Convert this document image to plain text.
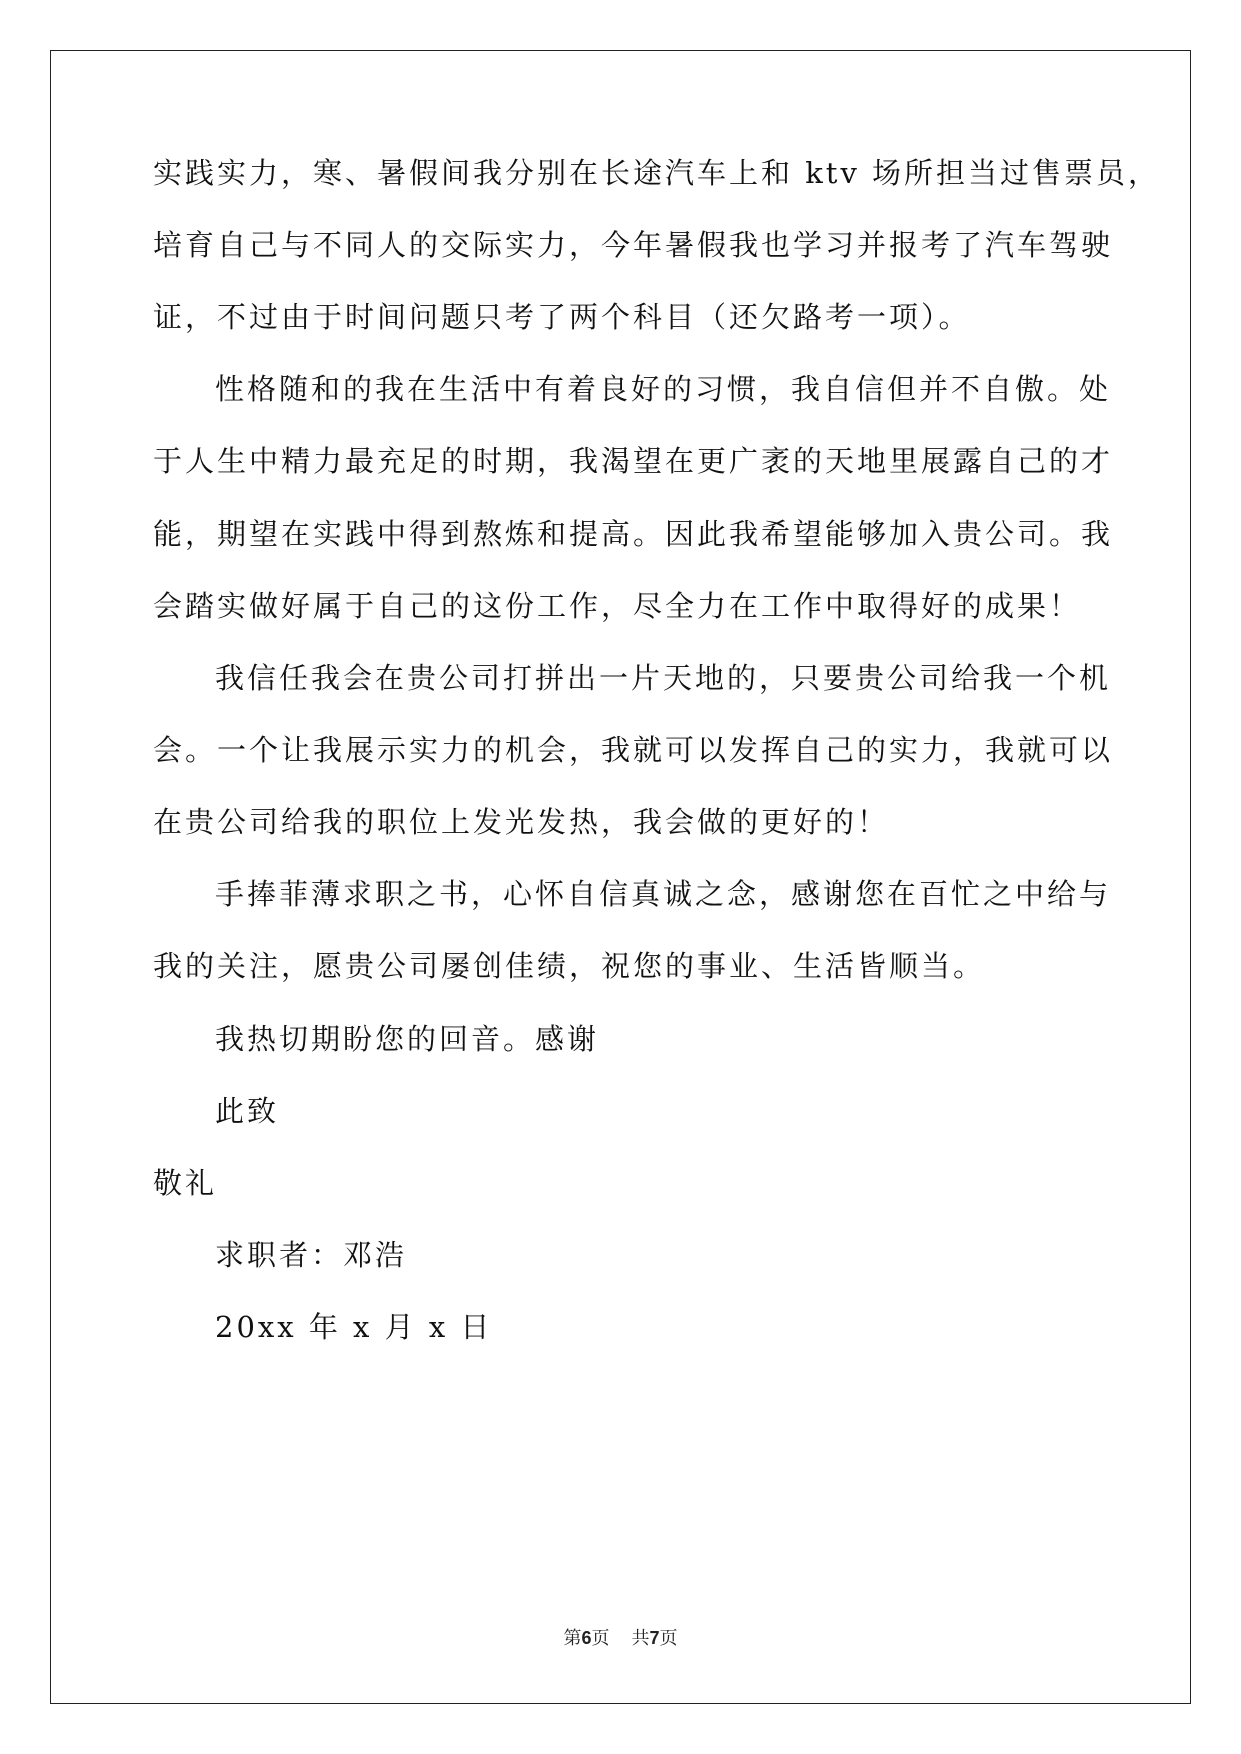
实践实力，寒、暑假间我分别在长途汽车上和 ktv 场所担当过售票员，
培育自己与不同人的交际实力，今年暑假我也学习并报考了汽车驾驶
证，不过由于时间问题只考了两个科目（还欠路考一项）。
性格随和的我在生活中有着良好的习惯，我自信但并不自傲。处
于人生中精力最充足的时期，我渴望在更广袤的天地里展露自己的才
能，期望在实践中得到熬炼和提高。因此我希望能够加入贵公司。我
会踏实做好属于自己的这份工作，尽全力在工作中取得好的成果！
我信任我会在贵公司打拼出一片天地的，只要贵公司给我一个机
会。一个让我展示实力的机会，我就可以发挥自己的实力，我就可以
在贵公司给我的职位上发光发热，我会做的更好的！
手捧菲薄求职之书，心怀自信真诚之念，感谢您在百忙之中给与
我的关注，愿贵公司屡创佳绩，祝您的事业、生活皆顺当。
我热切期盼您的回音。感谢
此致
敬礼
求职者：邓浩
20xx 年 x 月 x 日
第6页 共7页
